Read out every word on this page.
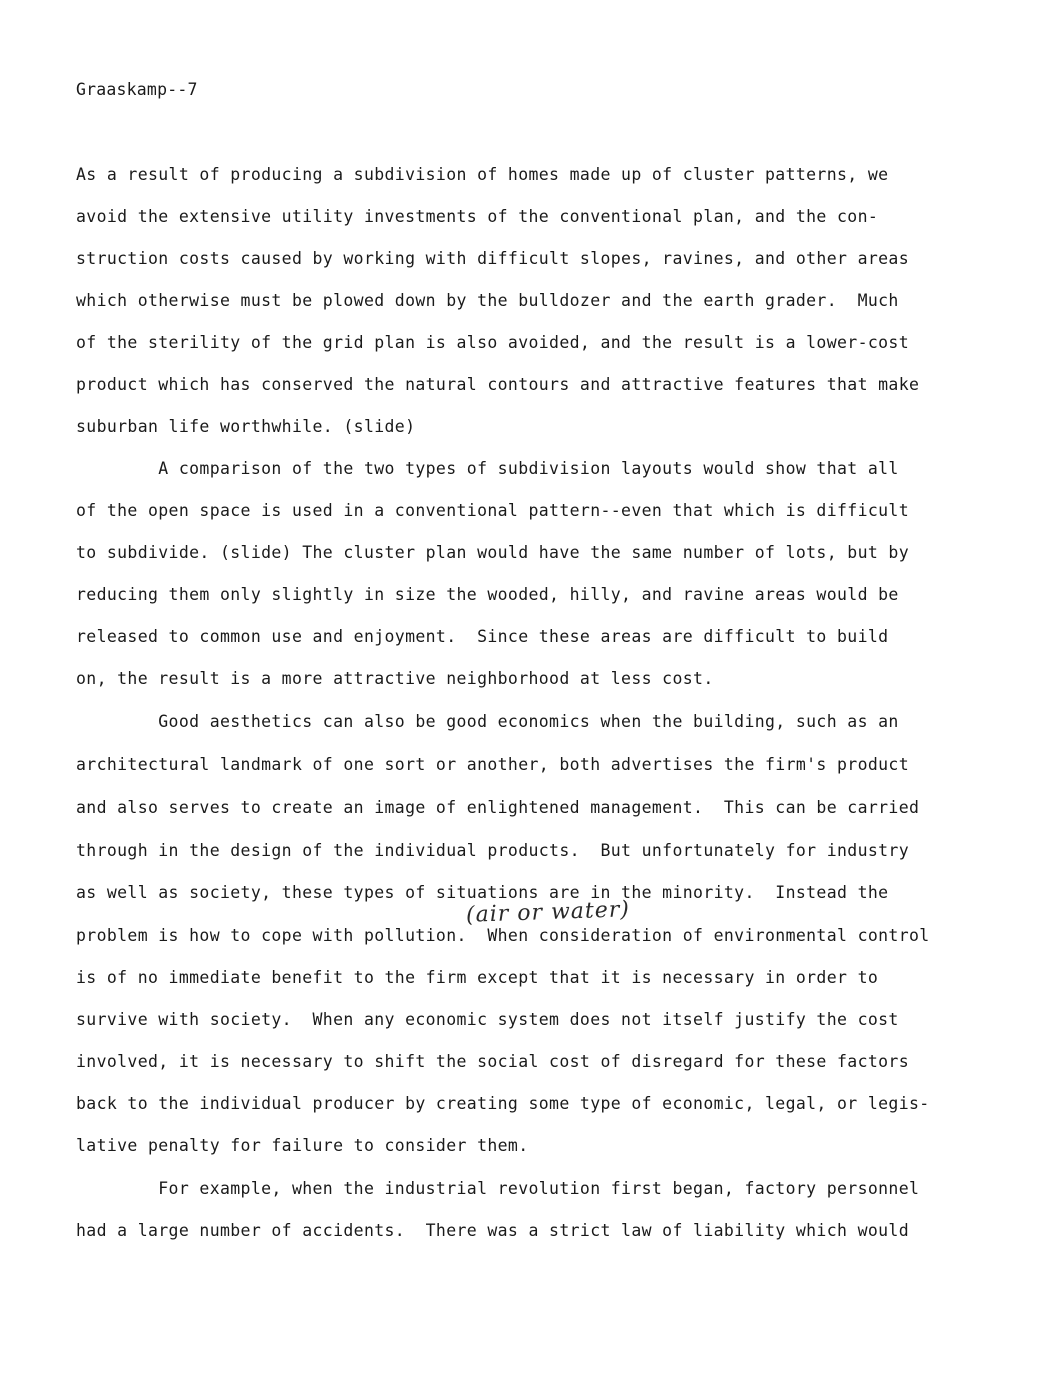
Graaskamp--7
As a result of producing a subdivision of homes made up of cluster patterns, we
avoid the extensive utility investments of the conventional plan, and the con-
struction costs caused by working with difficult slopes, ravines, and other areas
which otherwise must be plowed down by the bulldozer and the earth grader.  Much
of the sterility of the grid plan is also avoided, and the result is a lower-cost
product which has conserved the natural contours and attractive features that make
suburban life worthwhile. (slide)
A comparison of the two types of subdivision layouts would show that all
of the open space is used in a conventional pattern--even that which is difficult
to subdivide. (slide) The cluster plan would have the same number of lots, but by
reducing them only slightly in size the wooded, hilly, and ravine areas would be
released to common use and enjoyment.  Since these areas are difficult to build
on, the result is a more attractive neighborhood at less cost.
Good aesthetics can also be good economics when the building, such as an
architectural landmark of one sort or another, both advertises the firm's product
and also serves to create an image of enlightened management.  This can be carried
through in the design of the individual products.  But unfortunately for industry
as well as society, these types of situations are in the minority.  Instead the
(air or water)
problem is how to cope with pollution.  When consideration of environmental control
is of no immediate benefit to the firm except that it is necessary in order to
survive with society.  When any economic system does not itself justify the cost
involved, it is necessary to shift the social cost of disregard for these factors
back to the individual producer by creating some type of economic, legal, or legis-
lative penalty for failure to consider them.
For example, when the industrial revolution first began, factory personnel
had a large number of accidents.  There was a strict law of liability which would
